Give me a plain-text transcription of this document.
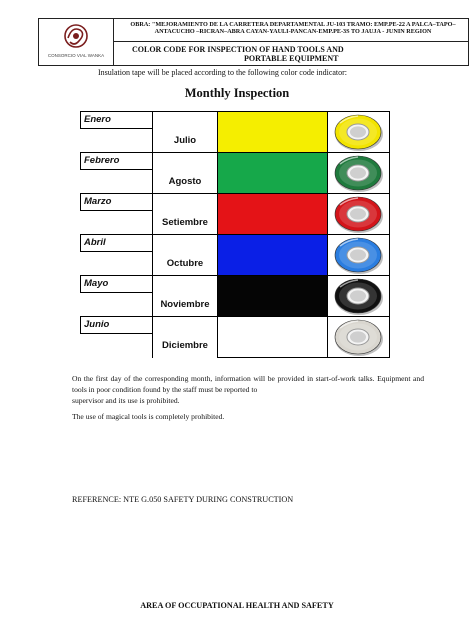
CONSORCIO VIAL WANKA
OBRA: "MEJORAMIENTO DE LA CARRETERA DEPARTAMENTAL JU-103 TRAMO: EMP.PE-22 A PALCA–TAPO–ANTACUCHO –RICRAN–ABRA CAYAN-YAULI-PANCAN-EMP.PE-3S TO JAUJA - JUNIN REGION
COLOR CODE FOR INSPECTION OF HAND TOOLS AND
PORTABLE EQUIPMENT
Insulation tape will be placed according to the following color code indicator:
Monthly Inspection
Enero
Julio
Febrero
Agosto
Marzo
Setiembre
Abril
Octubre
Mayo
Noviembre
Junio
Diciembre
On the first day of the corresponding month, information will be provided in start-of-work talks. Equipment and tools in poor condition found by the staff must be reported to
supervisor and its use is prohibited.
The use of magical tools is completely prohibited.
REFERENCE: NTE G.050 SAFETY DURING CONSTRUCTION
AREA OF OCCUPATIONAL HEALTH AND SAFETY
